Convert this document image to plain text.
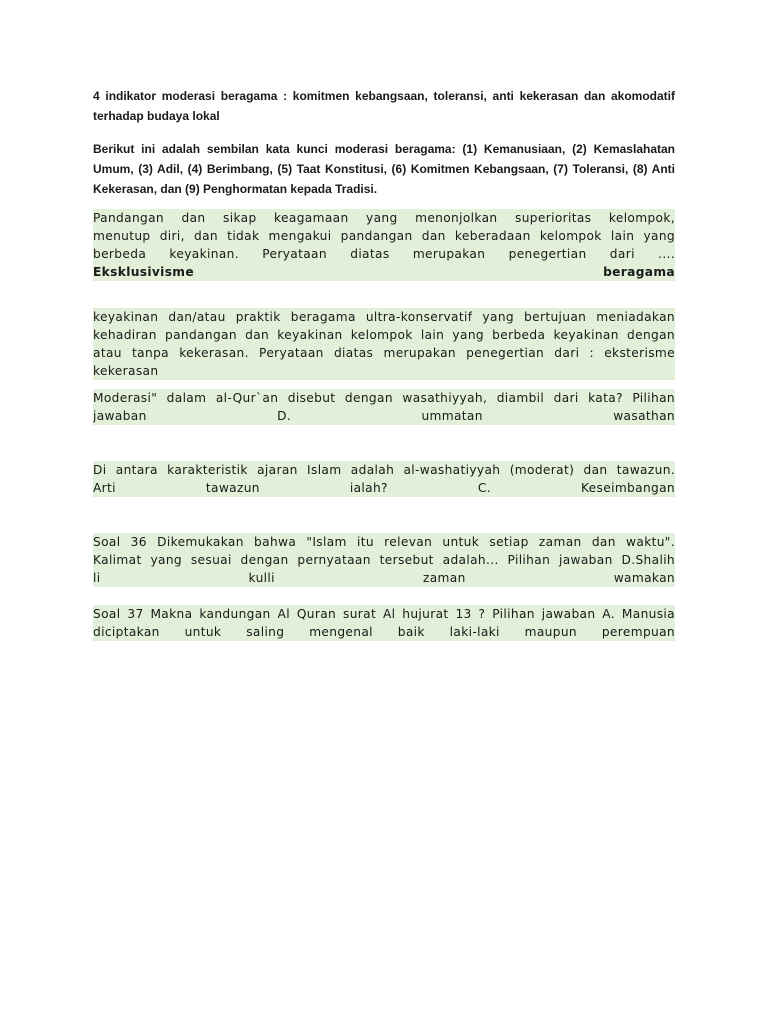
4 indikator moderasi beragama : komitmen kebangsaan, toleransi, anti kekerasan dan akomodatif terhadap budaya lokal

Berikut ini adalah sembilan kata kunci moderasi beragama: (1) Kemanusiaan, (2) Kemaslahatan Umum, (3) Adil, (4) Berimbang, (5) Taat Konstitusi, (6) Komitmen Kebangsaan, (7) Toleransi, (8) Anti Kekerasan, dan (9) Penghormatan kepada Tradisi.

Pandangan dan sikap keagamaan yang menonjolkan superioritas kelompok,
menutup diri, dan tidak mengakui pandangan dan keberadaan kelompok lain yang
berbeda keyakinan. Peryataan diatas merupakan penegertian dari ....
Eksklusivisme beragama
keyakinan dan/atau praktik beragama ultra-konservatif yang bertujuan meniadakan
kehadiran pandangan dan keyakinan kelompok lain yang berbeda keyakinan dengan
atau tanpa kekerasan. Peryataan diatas merupakan penegertian dari : eksterisme
kekerasan
Moderasi" dalam al-Qur`an disebut dengan wasathiyyah, diambil dari kata? Pilihan
jawaban D. ummatan wasathan
Di antara karakteristik ajaran Islam adalah al-washatiyyah (moderat) dan tawazun.
Arti tawazun ialah? C. Keseimbangan
Soal 36 Dikemukakan bahwa "Islam itu relevan untuk setiap zaman dan waktu".
Kalimat yang sesuai dengan pernyataan tersebut adalah... Pilihan jawaban D.Shalih
li kulli zaman wamakan
Soal 37 Makna kandungan Al Quran surat Al hujurat 13 ? Pilihan jawaban A. Manusia
diciptakan untuk saling mengenal baik laki-laki maupun perempuan
